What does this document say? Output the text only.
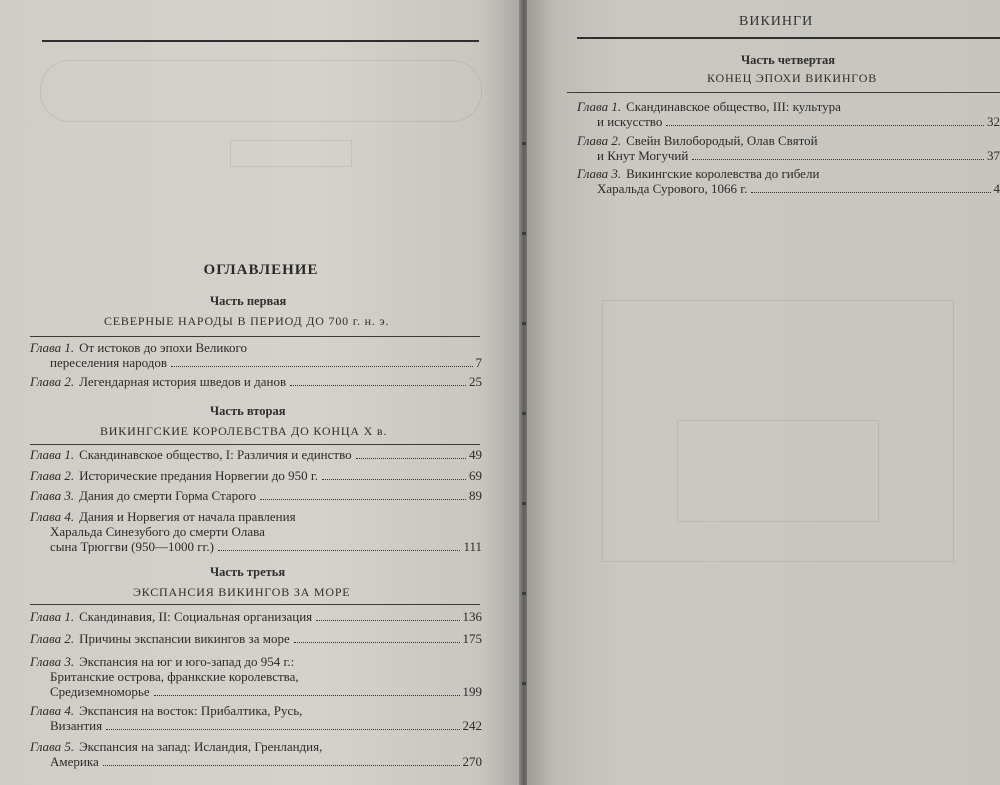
ОГЛАВЛЕНИЕ
Часть первая
СЕВЕРНЫЕ НАРОДЫ В ПЕРИОД ДО 700 г. н. э.
Глава 1. От истоков до эпохи Великого
переселения народов	7
Глава 2. Легендарная история шведов и данов	25
Часть вторая
ВИКИНГСКИЕ КОРОЛЕВСТВА ДО КОНЦА X в.
Глава 1. Скандинавское общество, I: Различия и единство	49
Глава 2. Исторические предания Норвегии до 950 г.	69
Глава 3. Дания до смерти Горма Старого	89
Глава 4. Дания и Норвегия от начала правления
Харальда Синезубого до смерти Олава
сына Трюггви (950—1000 гг.)	111
Часть третья
ЭКСПАНСИЯ ВИКИНГОВ ЗА МОРЕ
Глава 1. Скандинавия, II: Социальная организация	136
Глава 2. Причины экспансии викингов за море	175
Глава 3. Экспансия на юг и юго-запад до 954 г.:
Британские острова, франкские королевства,
Средиземноморье	199
Глава 4. Экспансия на восток: Прибалтика, Русь,
Византия	242
Глава 5. Экспансия на запад: Исландия, Гренландия,
Америка	270
ВИКИНГИ
Часть четвертая
КОНЕЦ ЭПОХИ ВИКИНГОВ
Глава 1. Скандинавское общество, III: культура
и искусство	32
Глава 2. Свейн Вилобородый, Олав Святой
и Кнут Могучий	37
Глава 3. Викингские королевства до гибели
Харальда Сурового, 1066 г.	4
